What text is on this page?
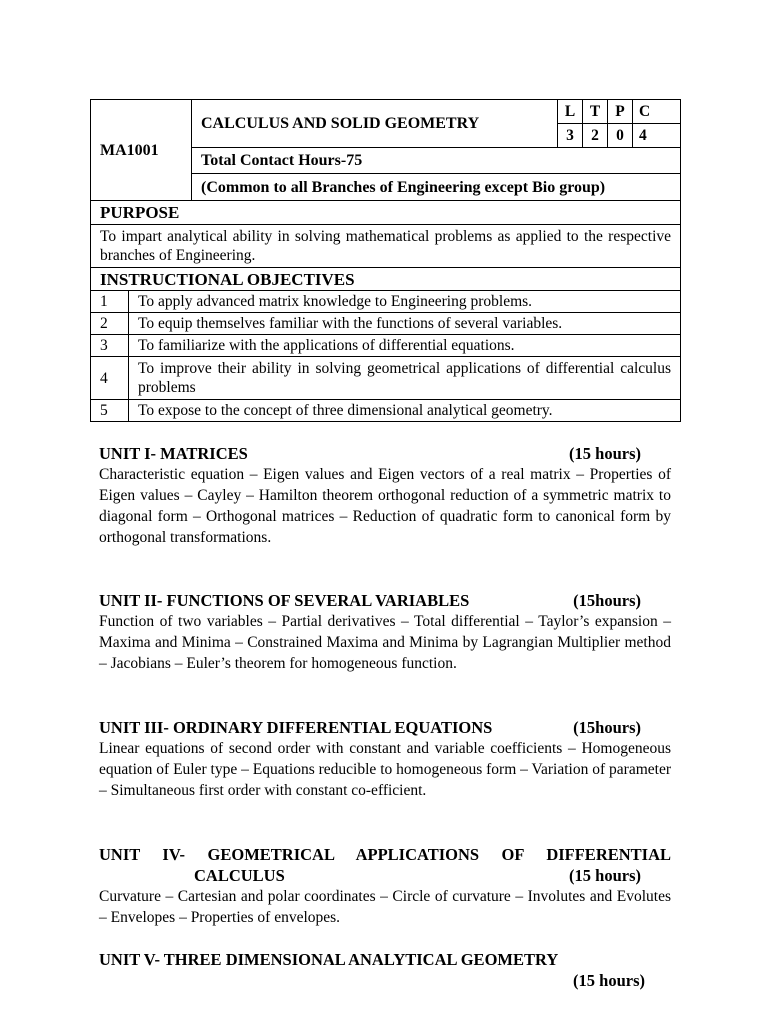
MA1001		CALCULUS AND SOLID GEOMETRY	L	T	P	C
			3	2	0	4
		Total Contact Hours-75				
		(Common to all Branches of Engineering except Bio group)				
PURPOSE						
To impart analytical ability in solving mathematical problems as applied to the respective branches of Engineering.						
INSTRUCTIONAL OBJECTIVES						
1	To apply advanced matrix knowledge to Engineering problems.					
2	To equip themselves familiar with the functions of several variables.					
3	To familiarize with the applications of differential equations.					
4	To improve their ability in solving geometrical applications of differential calculus problems					
5	To expose to the concept of three dimensional analytical geometry.					
UNIT I- MATRICES	(15 hours)
Characteristic equation – Eigen values and Eigen vectors of a real matrix – Properties of Eigen values – Cayley – Hamilton theorem orthogonal reduction of a symmetric matrix to diagonal form – Orthogonal matrices – Reduction of quadratic form to canonical form by orthogonal transformations.
UNIT II- FUNCTIONS OF SEVERAL VARIABLES	(15hours)
Function of two variables – Partial derivatives – Total differential – Taylor’s expansion – Maxima and Minima – Constrained Maxima and Minima by Lagrangian Multiplier method – Jacobians – Euler’s theorem for homogeneous function.
UNIT III- ORDINARY DIFFERENTIAL EQUATIONS	(15hours)
Linear equations of second order with constant and variable coefficients – Homogeneous equation of Euler type – Equations reducible to homogeneous form – Variation of parameter – Simultaneous first order with constant co-efficient.
UNIT IV- GEOMETRICAL APPLICATIONS OF DIFFERENTIAL
CALCULUS	(15 hours)
Curvature – Cartesian and polar coordinates – Circle of curvature – Involutes and Evolutes – Envelopes – Properties of envelopes.
UNIT V- THREE DIMENSIONAL ANALYTICAL GEOMETRY
(15 hours)
